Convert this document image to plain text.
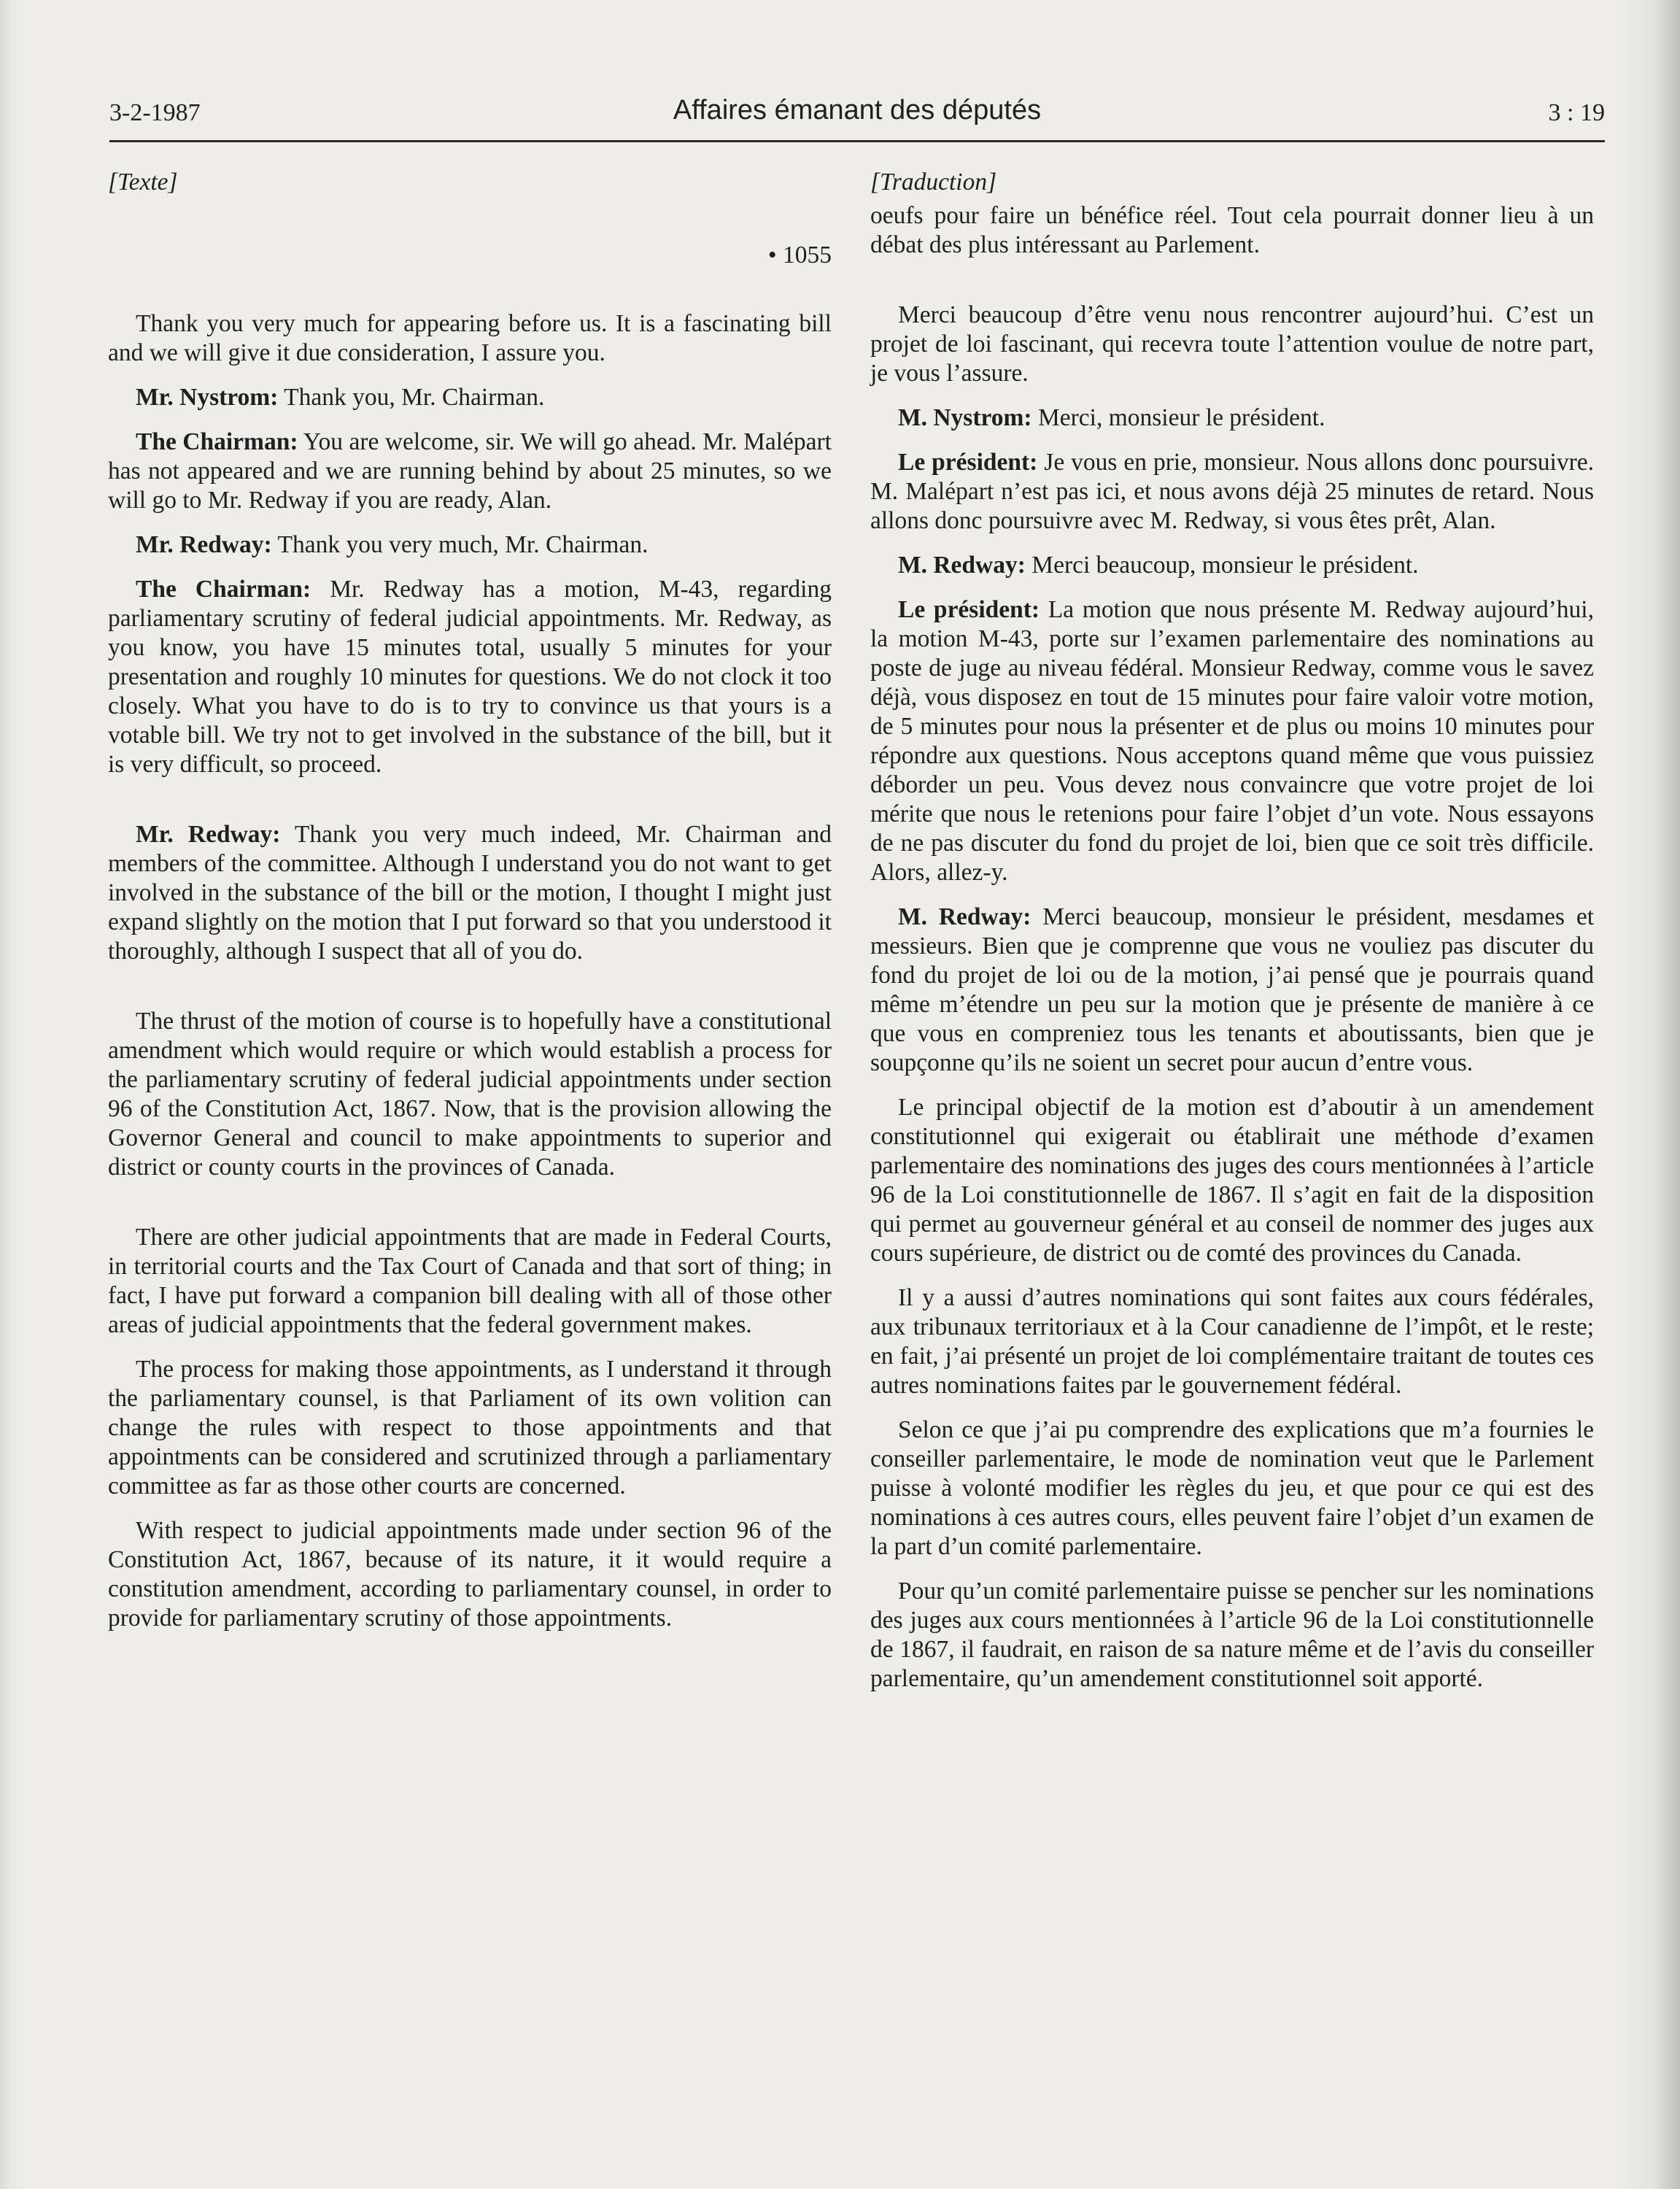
3-2-1987	Affaires émanant des députés	3 : 19
[Texte]
• 1055

Thank you very much for appearing before us. It is a fascinating bill and we will give it due consideration, I assure you.

Mr. Nystrom: Thank you, Mr. Chairman.

The Chairman: You are welcome, sir. We will go ahead. Mr. Malépart has not appeared and we are running behind by about 25 minutes, so we will go to Mr. Redway if you are ready, Alan.

Mr. Redway: Thank you very much, Mr. Chairman.

The Chairman: Mr. Redway has a motion, M-43, regarding parliamentary scrutiny of federal judicial appointments. Mr. Redway, as you know, you have 15 minutes total, usually 5 minutes for your presentation and roughly 10 minutes for questions. We do not clock it too closely. What you have to do is to try to convince us that yours is a votable bill. We try not to get involved in the substance of the bill, but it is very difficult, so proceed.

Mr. Redway: Thank you very much indeed, Mr. Chairman and members of the committee. Although I understand you do not want to get involved in the substance of the bill or the motion, I thought I might just expand slightly on the motion that I put forward so that you understood it thoroughly, although I suspect that all of you do.

The thrust of the motion of course is to hopefully have a constitutional amendment which would require or which would establish a process for the parliamentary scrutiny of federal judicial appointments under section 96 of the Constitution Act, 1867. Now, that is the provision allowing the Governor General and council to make appointments to superior and district or county courts in the provinces of Canada.

There are other judicial appointments that are made in Federal Courts, in territorial courts and the Tax Court of Canada and that sort of thing; in fact, I have put forward a companion bill dealing with all of those other areas of judicial appointments that the federal government makes.

The process for making those appointments, as I understand it through the parliamentary counsel, is that Parliament of its own volition can change the rules with respect to those appointments and that appointments can be considered and scrutinized through a parliamentary committee as far as those other courts are concerned.

With respect to judicial appointments made under section 96 of the Constitution Act, 1867, because of its nature, it it would require a constitution amendment, according to parliamentary counsel, in order to provide for parliamentary scrutiny of those appointments.

[Traduction]

oeufs pour faire un bénéfice réel. Tout cela pourrait donner lieu à un débat des plus intéressant au Parlement.

Merci beaucoup d’être venu nous rencontrer aujourd’hui. C’est un projet de loi fascinant, qui recevra toute l’attention voulue de notre part, je vous l’assure.

M. Nystrom: Merci, monsieur le président.

Le président: Je vous en prie, monsieur. Nous allons donc poursuivre. M. Malépart n’est pas ici, et nous avons déjà 25 minutes de retard. Nous allons donc poursuivre avec M. Redway, si vous êtes prêt, Alan.

M. Redway: Merci beaucoup, monsieur le président.

Le président: La motion que nous présente M. Redway aujourd’hui, la motion M-43, porte sur l’examen parlementaire des nominations au poste de juge au niveau fédéral. Monsieur Redway, comme vous le savez déjà, vous disposez en tout de 15 minutes pour faire valoir votre motion, de 5 minutes pour nous la présenter et de plus ou moins 10 minutes pour répondre aux questions. Nous acceptons quand même que vous puissiez déborder un peu. Vous devez nous convaincre que votre projet de loi mérite que nous le retenions pour faire l’objet d’un vote. Nous essayons de ne pas discuter du fond du projet de loi, bien que ce soit très difficile. Alors, allez-y.

M. Redway: Merci beaucoup, monsieur le président, mesdames et messieurs. Bien que je comprenne que vous ne vouliez pas discuter du fond du projet de loi ou de la motion, j’ai pensé que je pourrais quand même m’étendre un peu sur la motion que je présente de manière à ce que vous en compreniez tous les tenants et aboutissants, bien que je soupçonne qu’ils ne soient un secret pour aucun d’entre vous.

Le principal objectif de la motion est d’aboutir à un amendement constitutionnel qui exigerait ou établirait une méthode d’examen parlementaire des nominations des juges des cours mentionnées à l’article 96 de la Loi constitutionnelle de 1867. Il s’agit en fait de la disposition qui permet au gouverneur général et au conseil de nommer des juges aux cours supérieure, de district ou de comté des provinces du Canada.

Il y a aussi d’autres nominations qui sont faites aux cours fédérales, aux tribunaux territoriaux et à la Cour canadienne de l’impôt, et le reste; en fait, j’ai présenté un projet de loi complémentaire traitant de toutes ces autres nominations faites par le gouvernement fédéral.

Selon ce que j’ai pu comprendre des explications que m’a fournies le conseiller parlementaire, le mode de nomination veut que le Parlement puisse à volonté modifier les règles du jeu, et que pour ce qui est des nominations à ces autres cours, elles peuvent faire l’objet d’un examen de la part d’un comité parlementaire.

Pour qu’un comité parlementaire puisse se pencher sur les nominations des juges aux cours mentionnées à l’article 96 de la Loi constitutionnelle de 1867, il faudrait, en raison de sa nature même et de l’avis du conseiller parlementaire, qu’un amendement constitutionnel soit apporté.
